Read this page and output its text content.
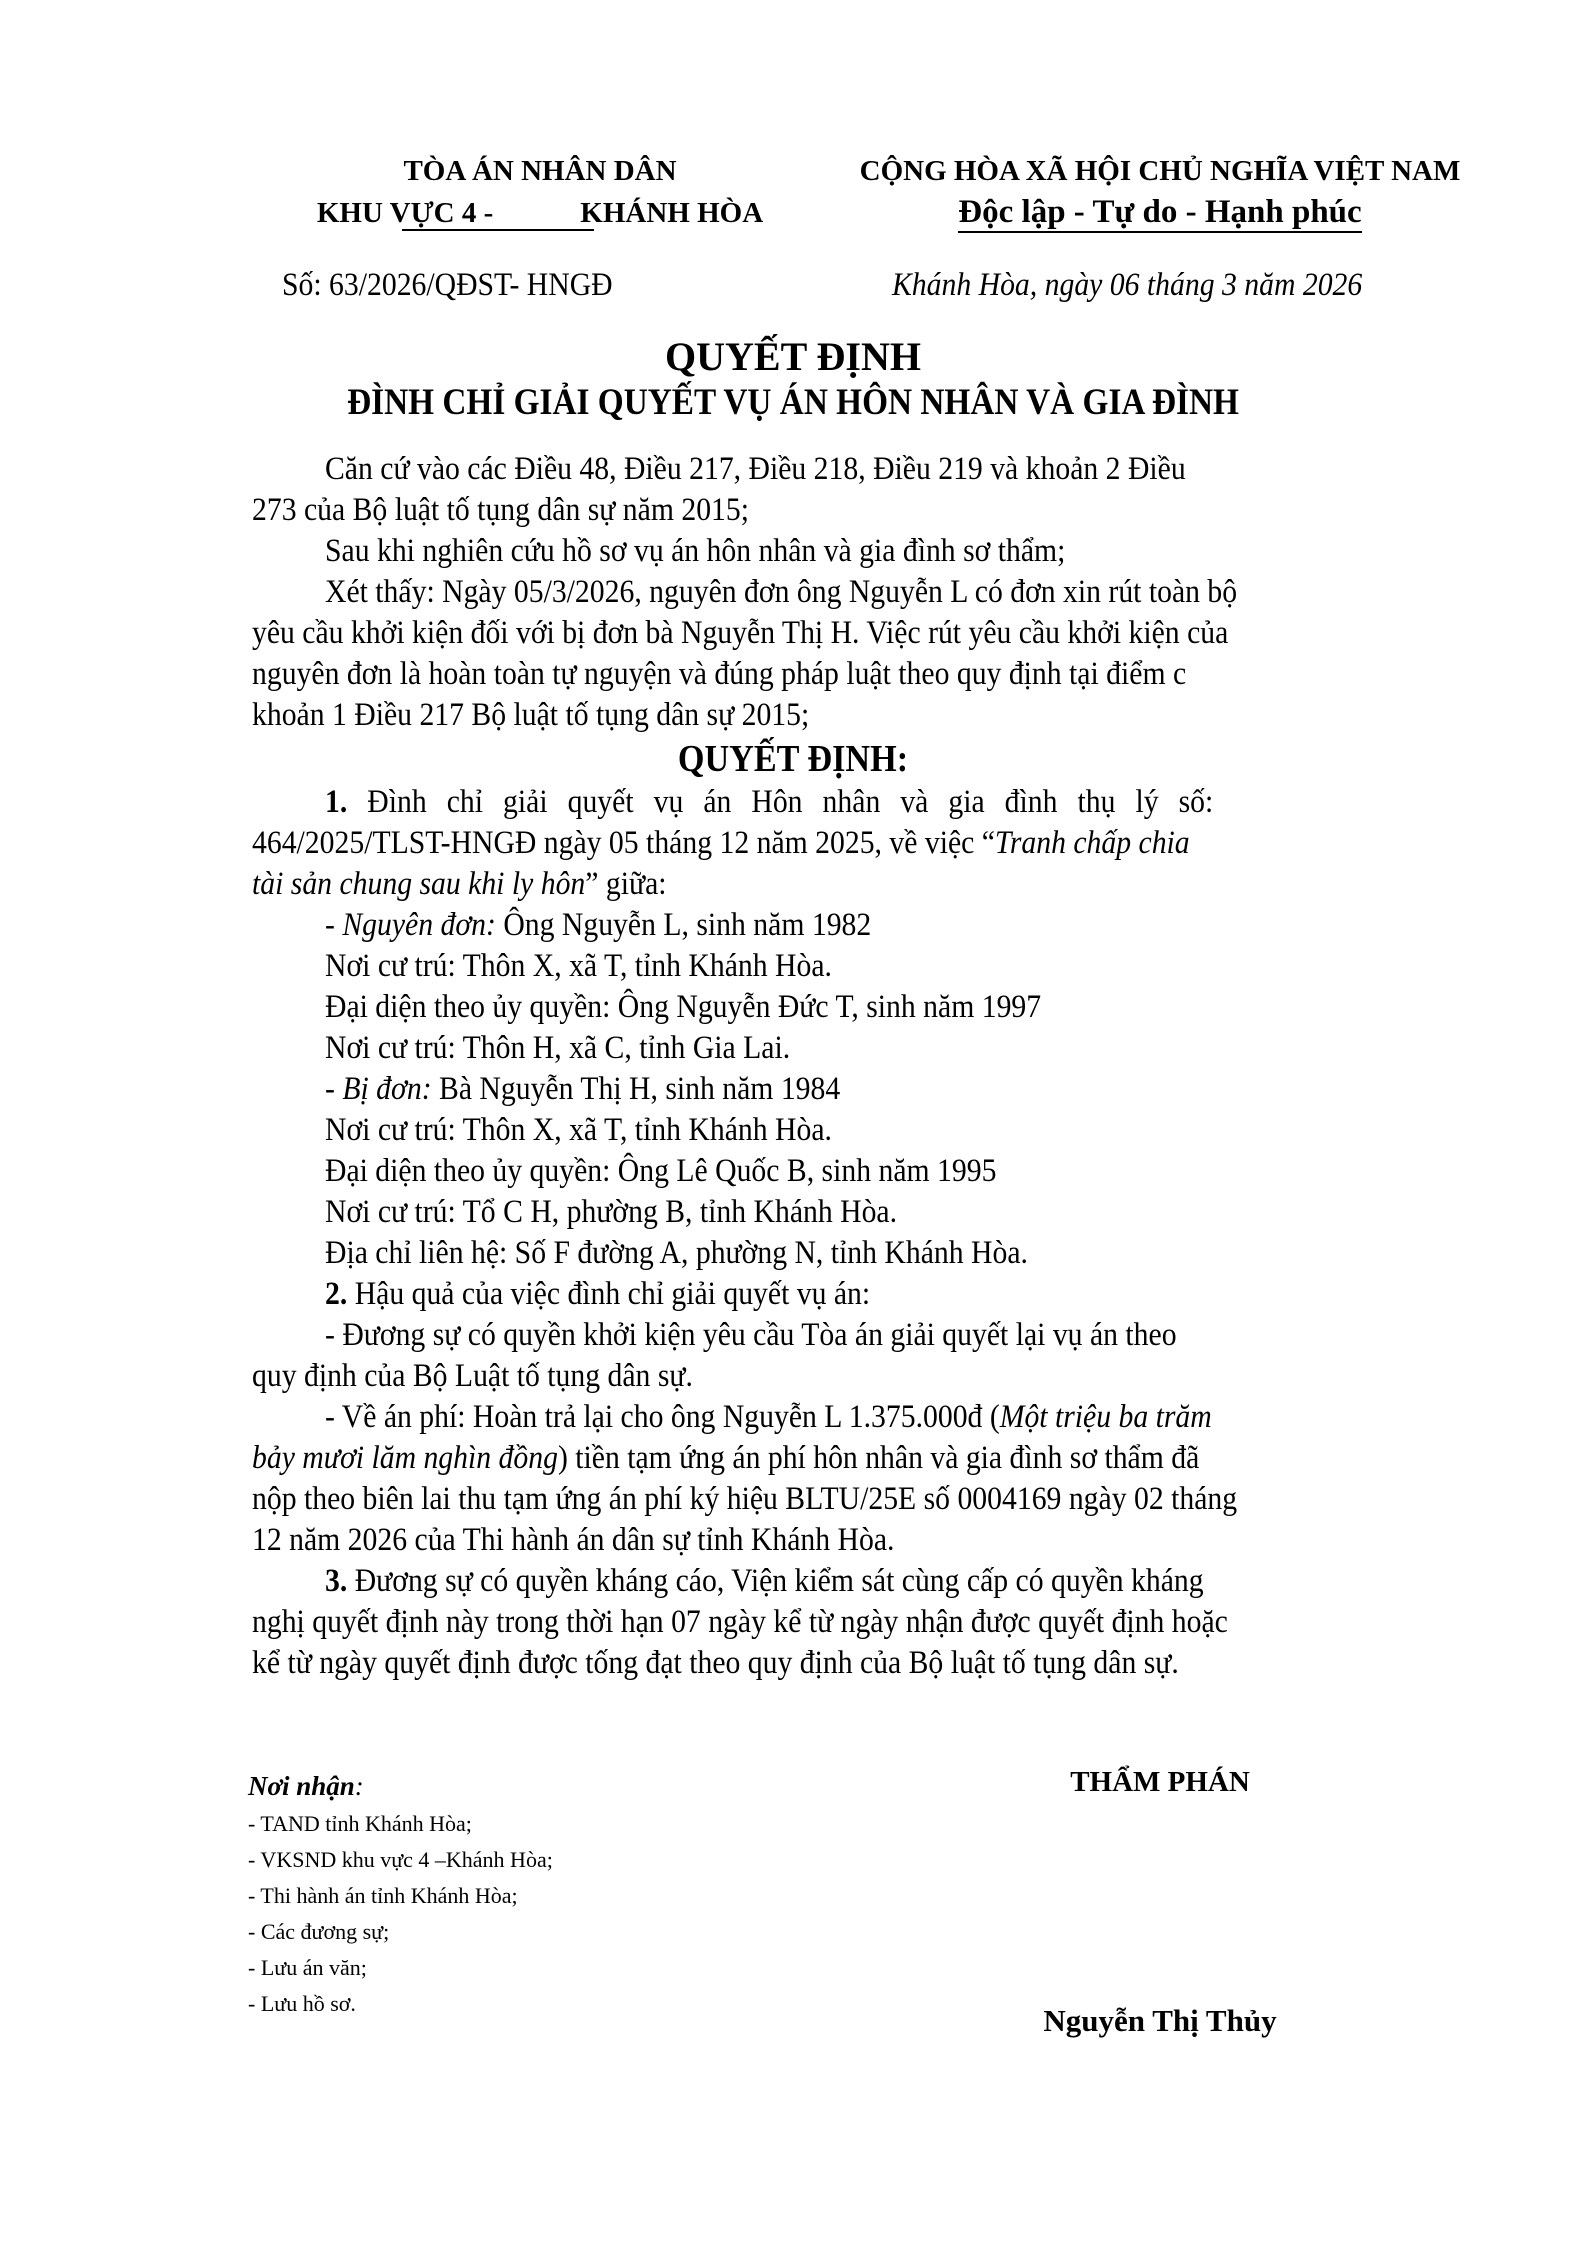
TÒA ÁN NHÂN DÂN
KHU VỰC 4 -            KHÁNH HÒA
CỘNG HÒA XÃ HỘI CHỦ NGHĨA VIỆT NAM
Độc lập - Tự do - Hạnh phúc
Số: 63/2026/QĐST- HNGĐ	Khánh Hòa, ngày 06 tháng 3 năm 2026
QUYẾT ĐỊNH
ĐÌNH CHỈ GIẢI QUYẾT VỤ ÁN HÔN NHÂN VÀ GIA ĐÌNH
Căn cứ vào các Điều 48, Điều 217, Điều 218, Điều 219 và khoản 2 Điều
273 của Bộ luật tố tụng dân sự năm 2015;
Sau khi nghiên cứu hồ sơ vụ án hôn nhân và gia đình sơ thẩm;
Xét thấy: Ngày 05/3/2026, nguyên đơn ông Nguyễn L có đơn xin rút toàn bộ
yêu cầu khởi kiện đối với bị đơn bà Nguyễn Thị H. Việc rút yêu cầu khởi kiện của
nguyên đơn là hoàn toàn tự nguyện và đúng pháp luật theo quy định tại điểm c
khoản 1 Điều 217 Bộ luật tố tụng dân sự 2015;
QUYẾT ĐỊNH:
1. Đình chỉ giải quyết vụ án Hôn nhân và gia đình thụ lý số:
464/2025/TLST-HNGĐ ngày 05 tháng 12 năm 2025, về việc “Tranh chấp chia
tài sản chung sau khi ly hôn” giữa:
- Nguyên đơn: Ông Nguyễn L, sinh năm 1982
Nơi cư trú: Thôn X, xã T, tỉnh Khánh Hòa.
Đại diện theo ủy quyền: Ông Nguyễn Đức T, sinh năm 1997
Nơi cư trú: Thôn H, xã C, tỉnh Gia Lai.
- Bị đơn: Bà Nguyễn Thị H, sinh năm 1984
Nơi cư trú: Thôn X, xã T, tỉnh Khánh Hòa.
Đại diện theo ủy quyền: Ông Lê Quốc B, sinh năm 1995
Nơi cư trú: Tổ C H, phường B, tỉnh Khánh Hòa.
Địa chỉ liên hệ: Số F đường A, phường N, tỉnh Khánh Hòa.
2. Hậu quả của việc đình chỉ giải quyết vụ án:
- Đương sự có quyền khởi kiện yêu cầu Tòa án giải quyết lại vụ án theo
quy định của Bộ Luật tố tụng dân sự.
- Về án phí: Hoàn trả lại cho ông Nguyễn L 1.375.000đ (Một triệu ba trăm
bảy mươi lăm nghìn đồng) tiền tạm ứng án phí hôn nhân và gia đình sơ thẩm đã
nộp theo biên lai thu tạm ứng án phí ký hiệu BLTU/25E số 0004169 ngày 02 tháng
12 năm 2026 của Thi hành án dân sự tỉnh Khánh Hòa.
3. Đương sự có quyền kháng cáo, Viện kiểm sát cùng cấp có quyền kháng
nghị quyết định này trong thời hạn 07 ngày kể từ ngày nhận được quyết định hoặc
kể từ ngày quyết định được tống đạt theo quy định của Bộ luật tố tụng dân sự.
Nơi nhận:
- TAND tỉnh Khánh Hòa;
- VKSND khu vực 4 –Khánh Hòa;
- Thi hành án tỉnh Khánh Hòa;
- Các đương sự;
- Lưu án văn;
- Lưu hồ sơ.
THẨM PHÁN
Nguyễn Thị Thủy
